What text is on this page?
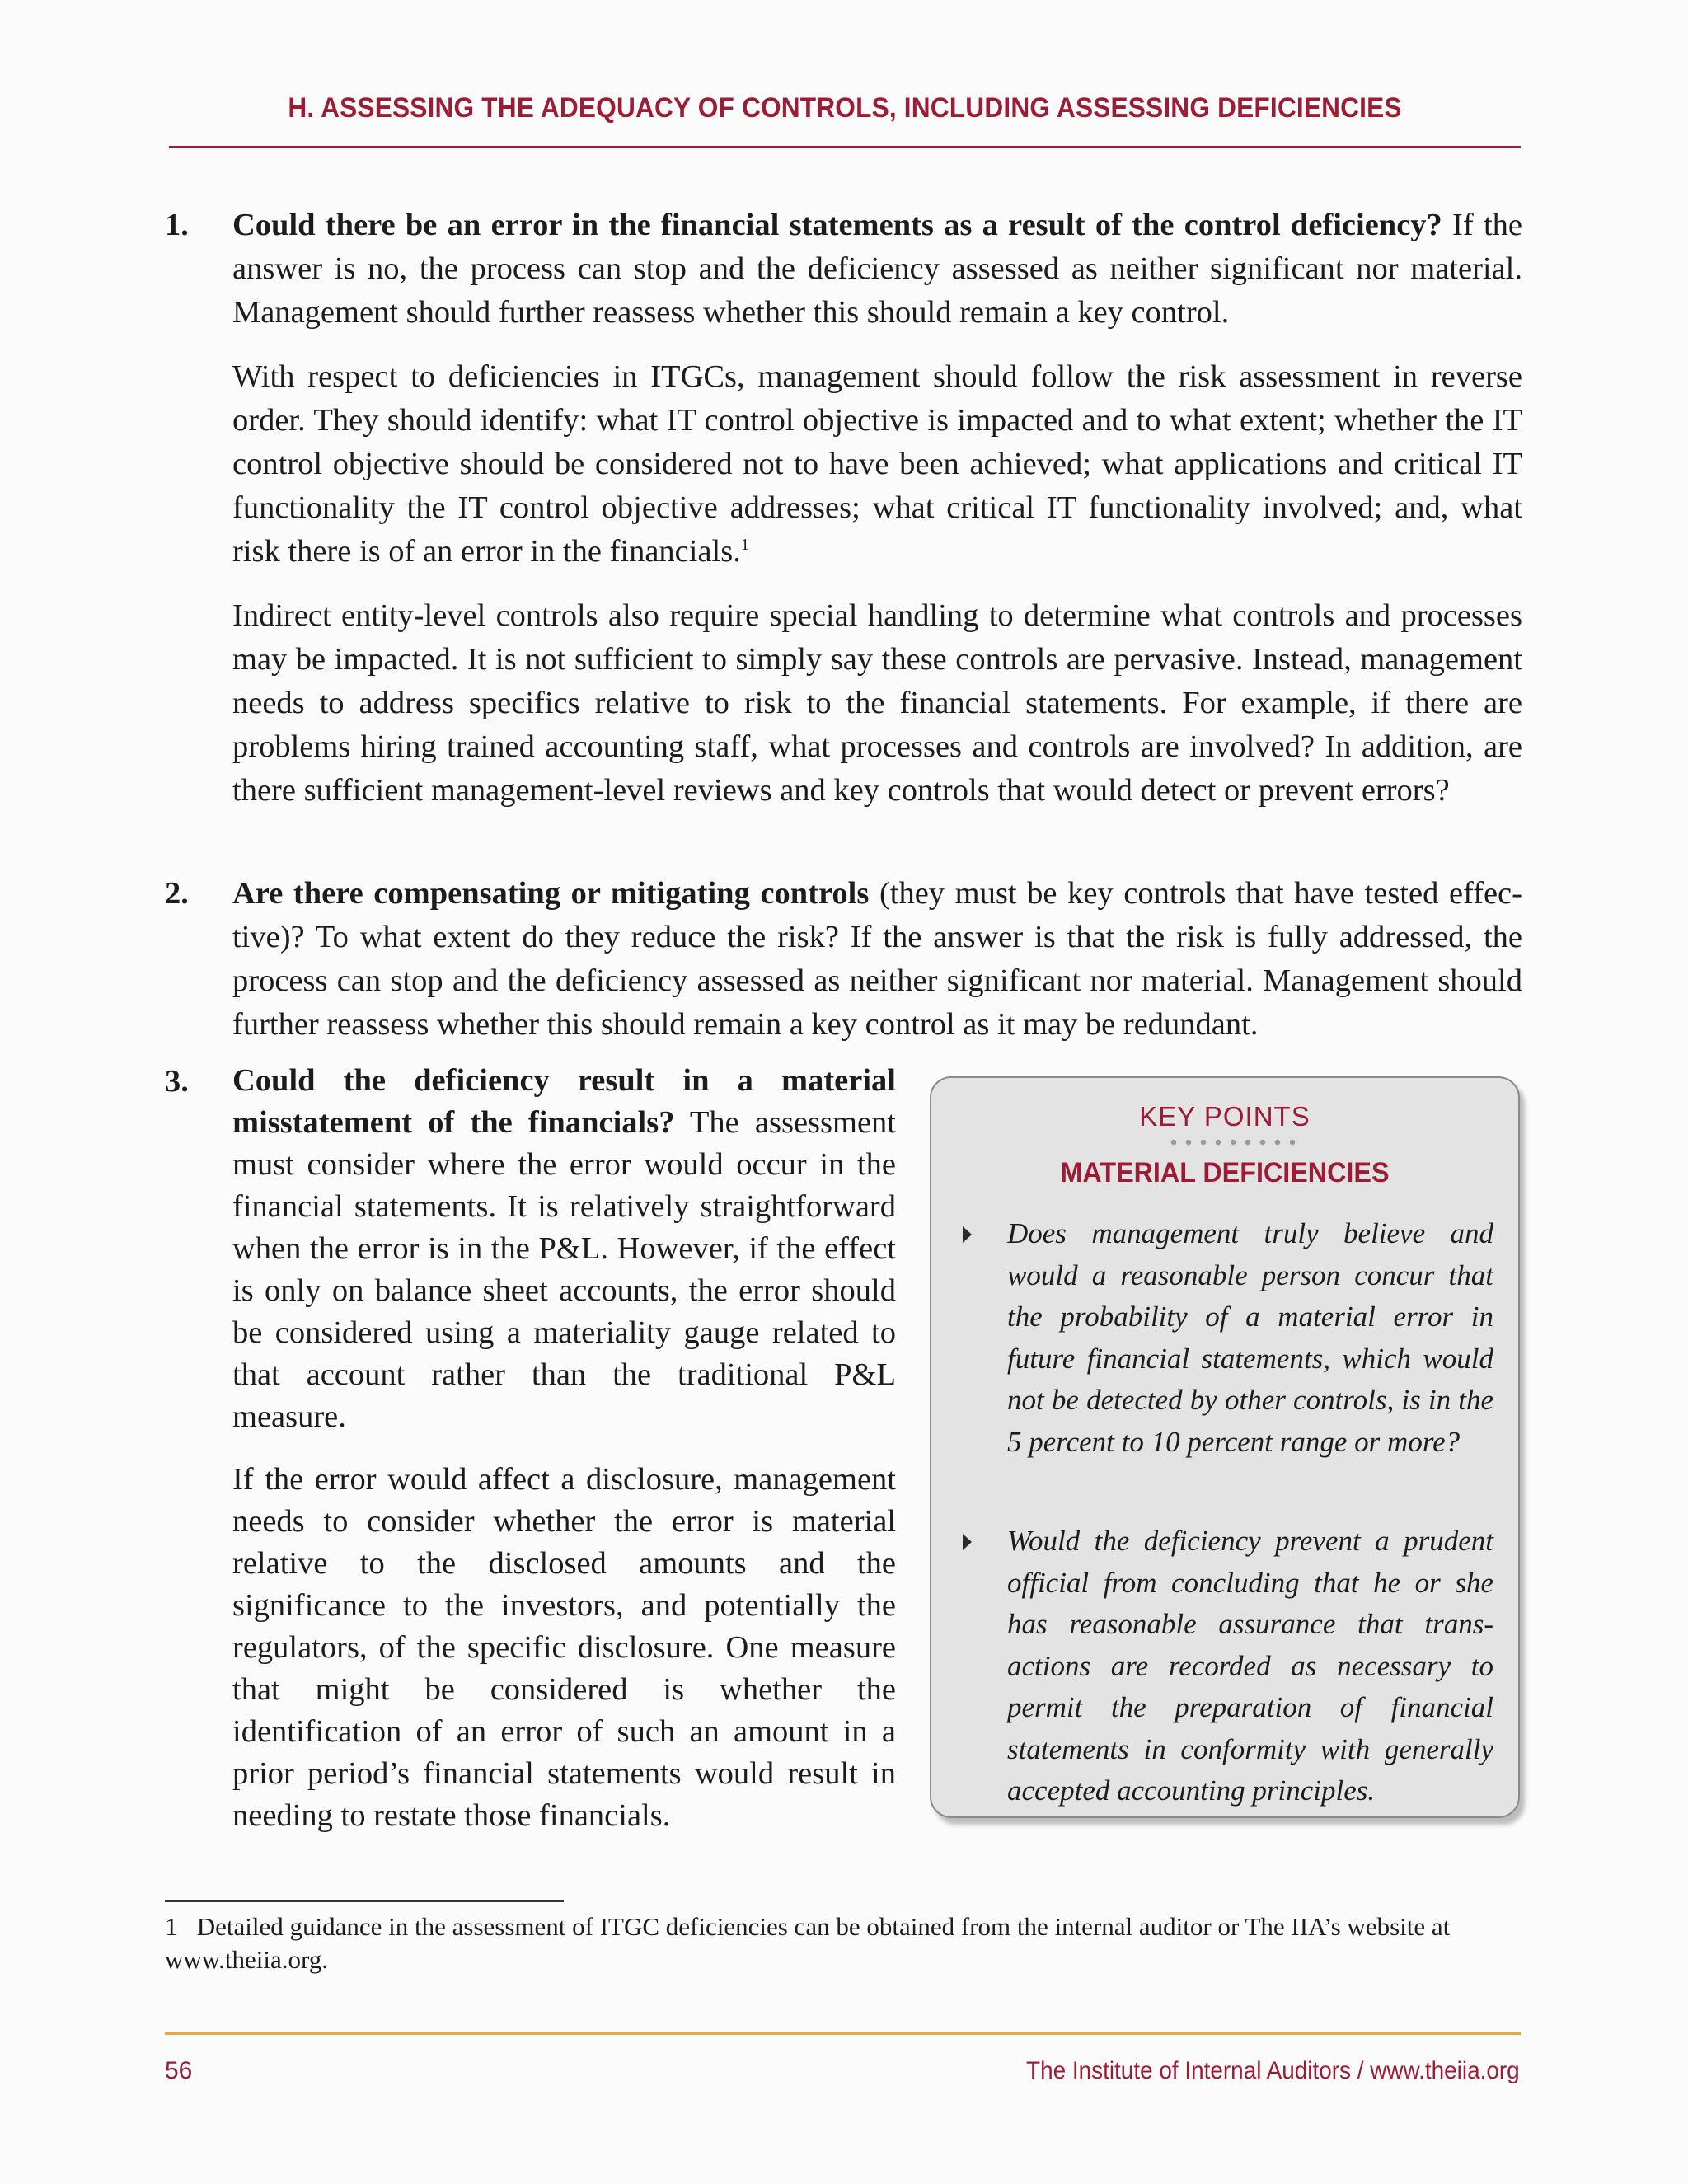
H. ASSESSING THE ADEQUACY OF CONTROLS, INCLUDING ASSESSING DEFICIENCIES
1. Could there be an error in the financial statements as a result of the control deficiency? If the answer is no, the process can stop and the deficiency assessed as neither significant nor material. Management should further reassess whether this should remain a key control.

With respect to deficiencies in ITGCs, management should follow the risk assessment in reverse order. They should identify: what IT control objective is impacted and to what extent; whether the IT control objective should be considered not to have been achieved; what applications and critical IT functionality the IT control objective addresses; what critical IT functionality involved; and, what risk there is of an error in the financials.$^1$

Indirect entity-level controls also require special handling to determine what controls and processes may be impacted. It is not sufficient to simply say these controls are pervasive. Instead, management needs to address specifics relative to risk to the financial statements. For example, if there are problems hiring trained accounting staff, what processes and controls are involved? In addition, are there sufficient management-level reviews and key controls that would detect or prevent errors?

2. Are there compensating or mitigating controls (they must be key controls that have tested effective)? To what extent do they reduce the risk? If the answer is that the risk is fully addressed, the process can stop and the deficiency assessed as neither significant nor material. Management should further reassess whether this should remain a key control as it may be redundant.

3. Could the deficiency result in a material misstatement of the financials? The assessment must consider where the error would occur in the financial statements. It is relatively straightforward when the error is in the P&L. However, if the effect is only on balance sheet accounts, the error should be considered using a materiality gauge related to that account rather than the traditional P&L measure.

If the error would affect a disclosure, management needs to consider whether the error is material relative to the disclosed amounts and the significance to the investors, and potentially the regulators, of the specific disclosure. One measure that might be considered is whether the identification of an error of such an amount in a prior period’s financial statements would result in needing to restate those financials.

KEY POINTS
MATERIAL DEFICIENCIES
Does management truly believe and would a reasonable person concur that the probability of a material error in future financial statements, which would not be detected by other controls, is in the 5 percent to 10 percent range or more?
Would the deficiency prevent a prudent official from concluding that he or she has reasonable assurance that transactions are recorded as necessary to permit the preparation of financial statements in conformity with generally accepted accounting principles.
1 Detailed guidance in the assessment of ITGC deficiencies can be obtained from the internal auditor or The IIA’s website at www.theiia.org.
56	The Institute of Internal Auditors / www.theiia.org
